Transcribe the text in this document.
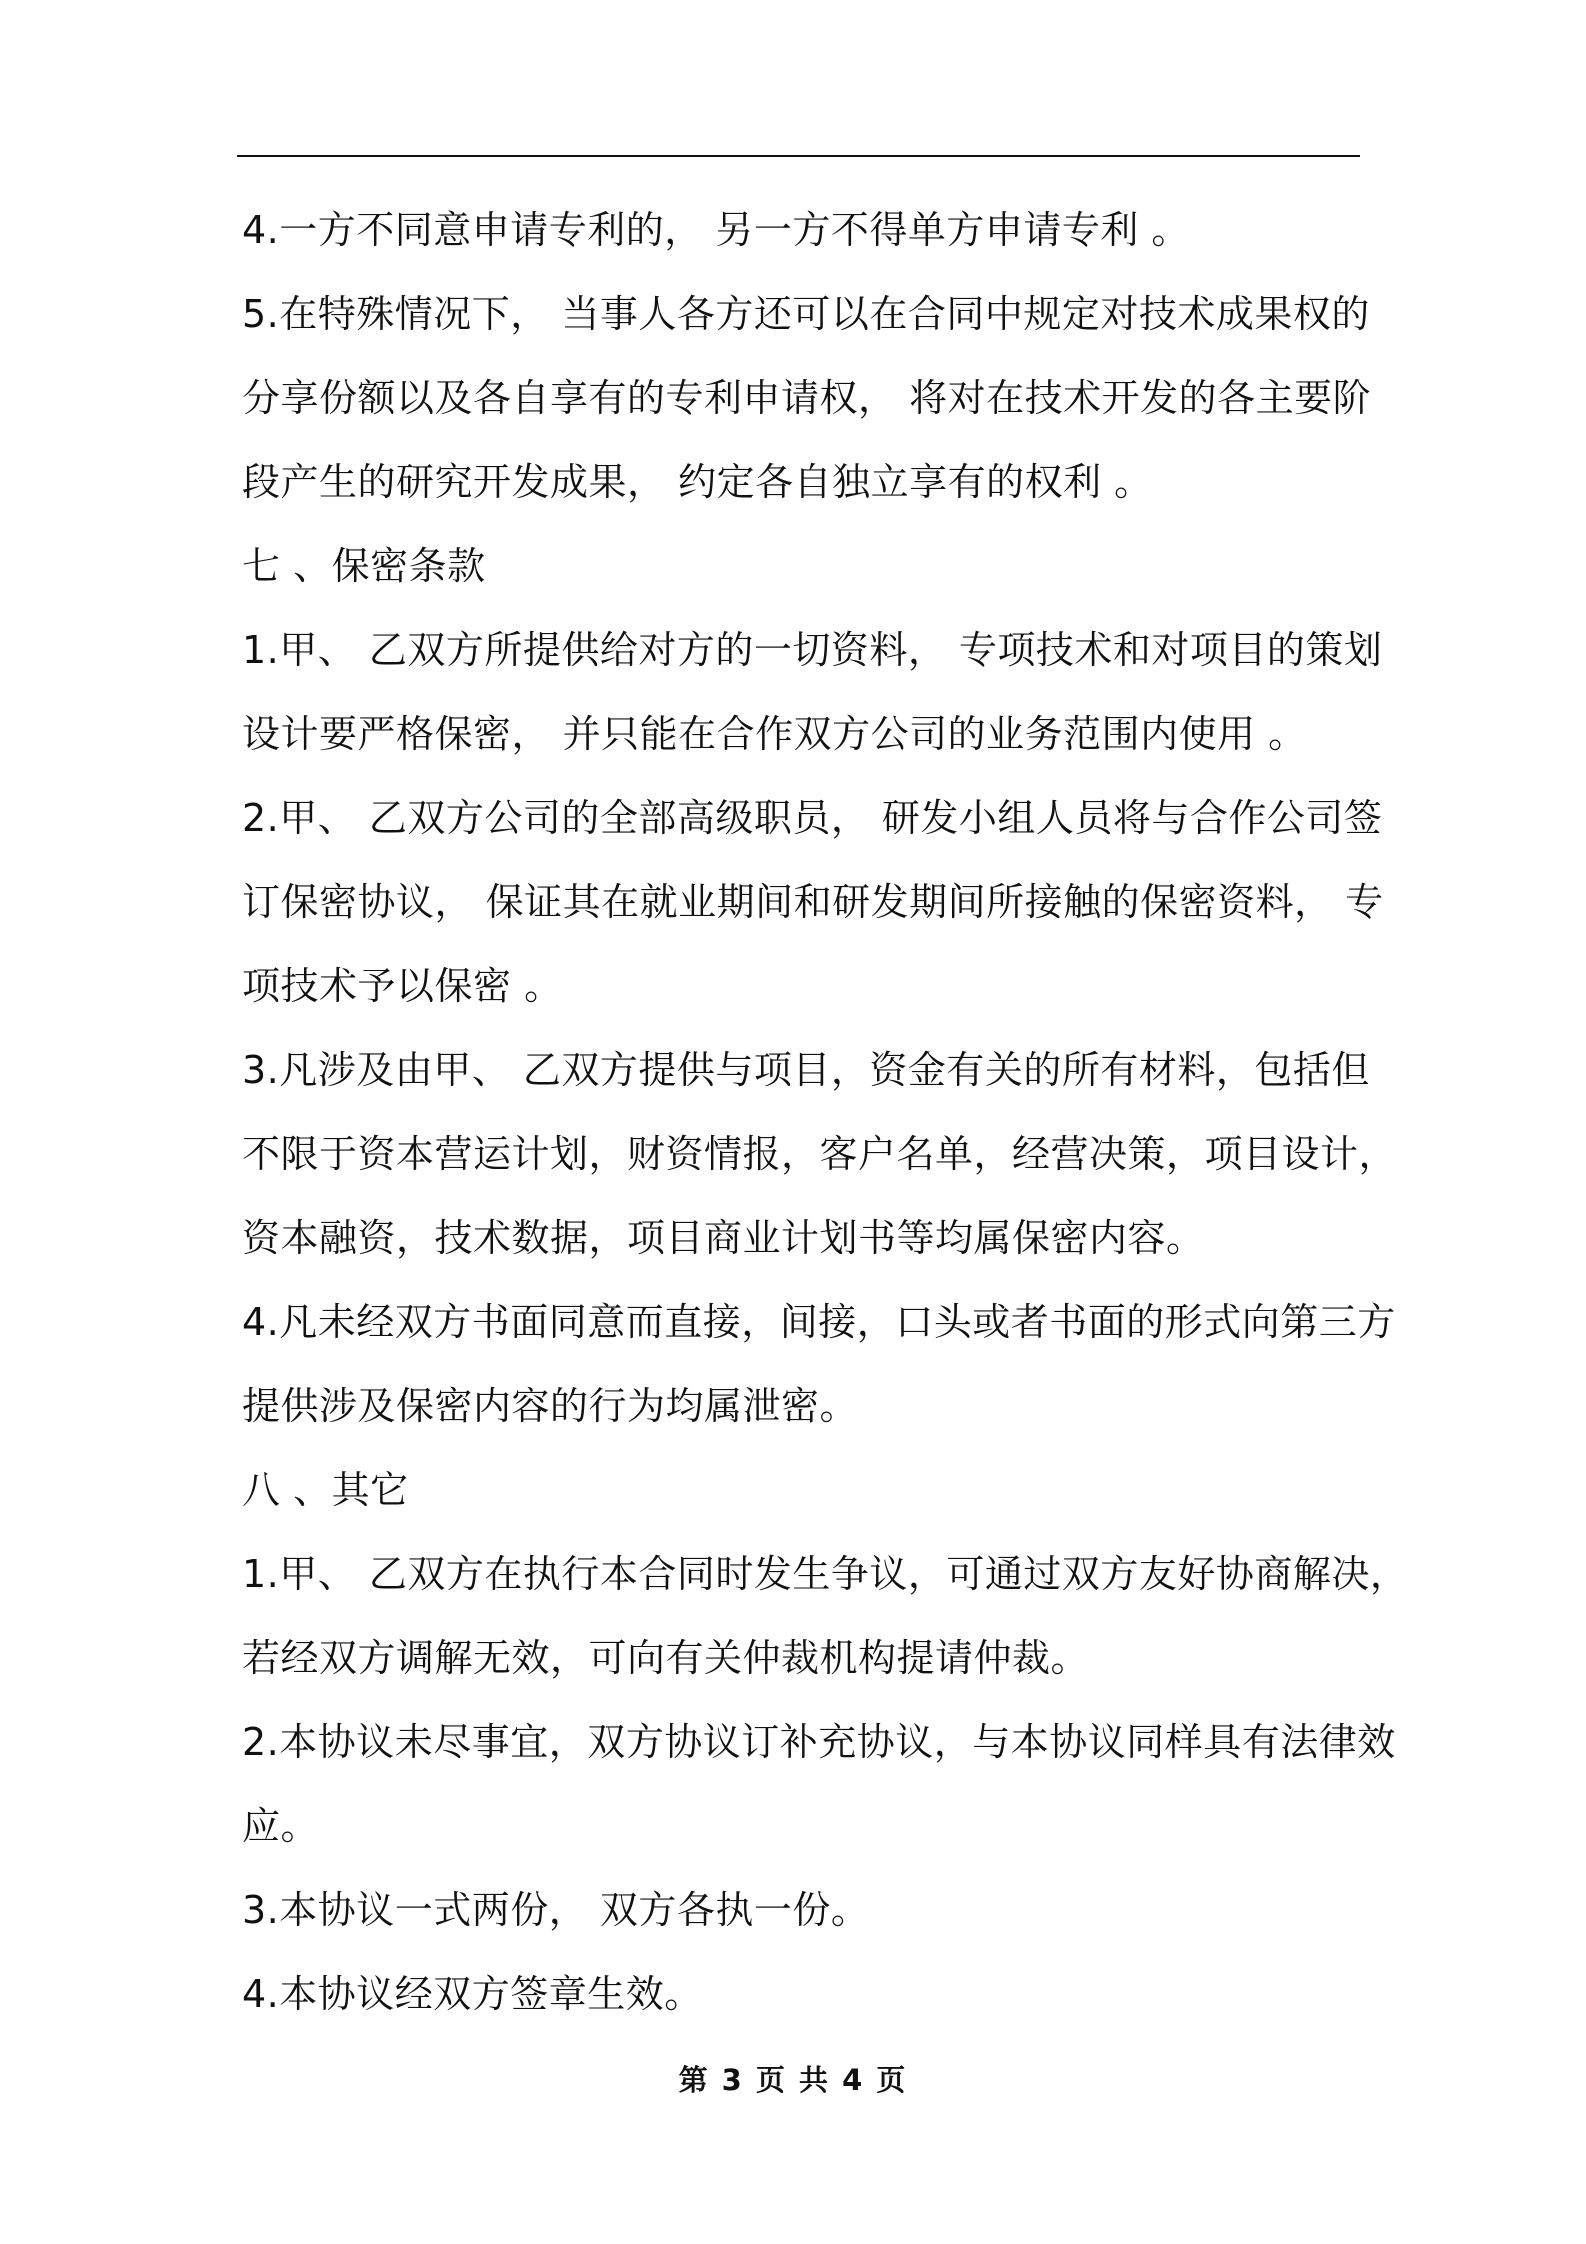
4.一方不同意申请专利的， 另一方不得单方申请专利 。
5.在特殊情况下， 当事人各方还可以在合同中规定对技术成果权的
分享份额以及各自享有的专利申请权， 将对在技术开发的各主要阶
段产生的研究开发成果， 约定各自独立享有的权利 。
七 、保密条款
1.甲、 乙双方所提供给对方的一切资料， 专项技术和对项目的策划
设计要严格保密， 并只能在合作双方公司的业务范围内使用 。
2.甲、 乙双方公司的全部高级职员， 研发小组人员将与合作公司签
订保密协议， 保证其在就业期间和研发期间所接触的保密资料， 专
项技术予以保密 。
3.凡涉及由甲、 乙双方提供与项目，资金有关的所有材料，包括但
不限于资本营运计划，财资情报，客户名单，经营决策，项目设计，
资本融资，技术数据，项目商业计划书等均属保密内容。
4.凡未经双方书面同意而直接，间接，口头或者书面的形式向第三方
提供涉及保密内容的行为均属泄密。
八 、其它
1.甲、 乙双方在执行本合同时发生争议，可通过双方友好协商解决，
若经双方调解无效，可向有关仲裁机构提请仲裁。
2.本协议未尽事宜，双方协议订补充协议，与本协议同样具有法律效
应。
3.本协议一式两份， 双方各执一份。
4.本协议经双方签章生效。
第 3 页 共 4 页
